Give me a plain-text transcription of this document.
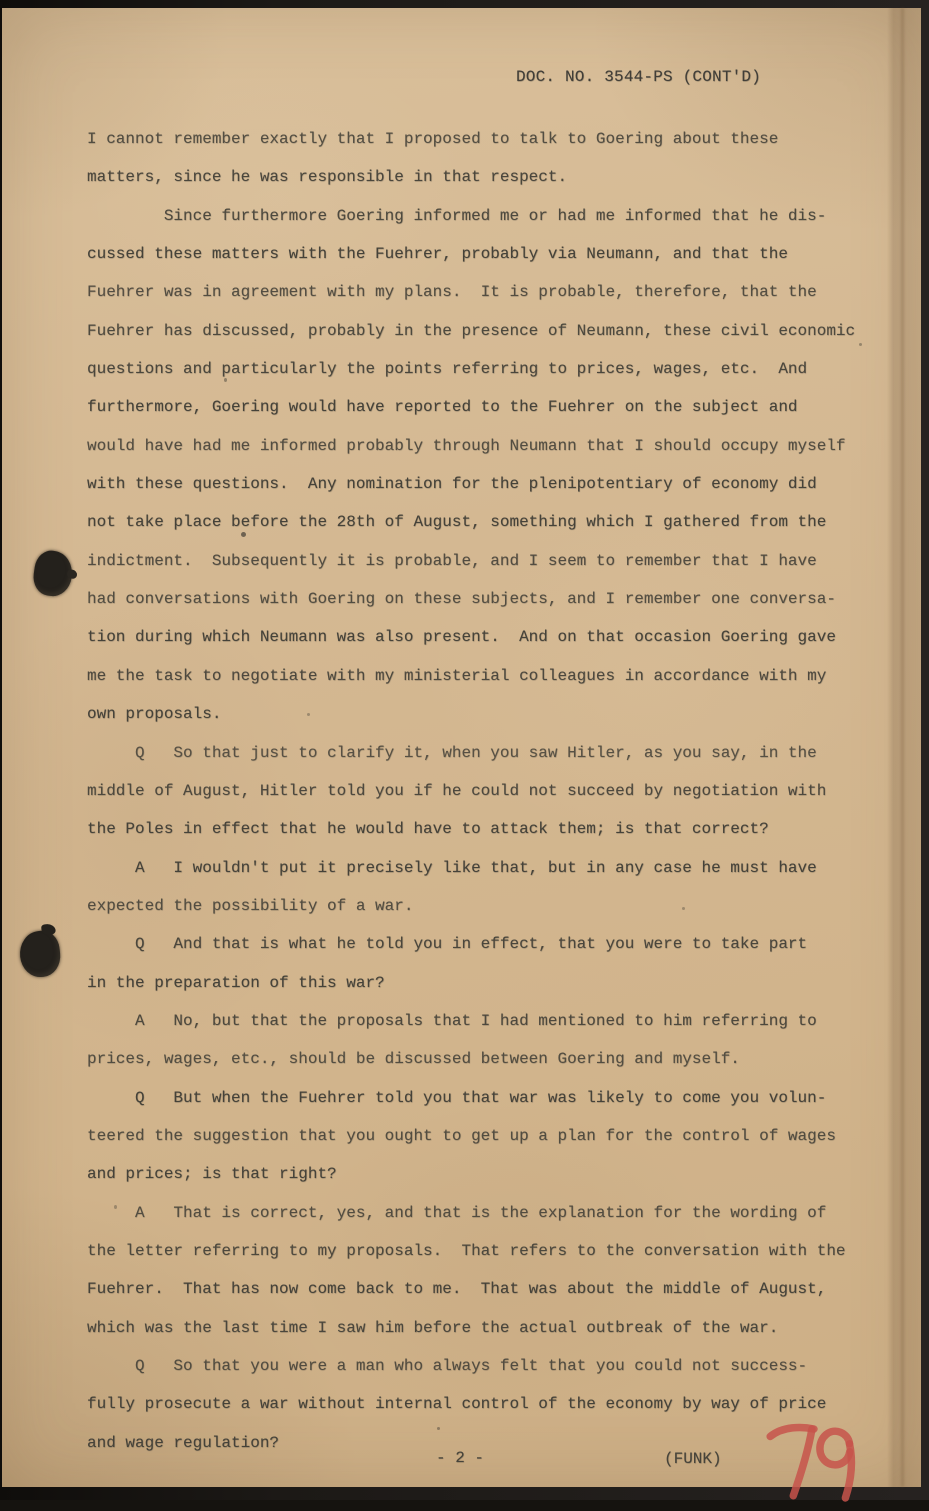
DOC. NO. 3544-PS (CONT'D)
I cannot remember exactly that I proposed to talk to Goering about these
matters, since he was responsible in that respect.
Since furthermore Goering informed me or had me informed that he dis-
cussed these matters with the Fuehrer, probably via Neumann, and that the
Fuehrer was in agreement with my plans.  It is probable, therefore, that the
Fuehrer has discussed, probably in the presence of Neumann, these civil economic
questions and particularly the points referring to prices, wages, etc.  And
furthermore, Goering would have reported to the Fuehrer on the subject and
would have had me informed probably through Neumann that I should occupy myself
with these questions.  Any nomination for the plenipotentiary of economy did
not take place before the 28th of August, something which I gathered from the
indictment.  Subsequently it is probable, and I seem to remember that I have
had conversations with Goering on these subjects, and I remember one conversa-
tion during which Neumann was also present.  And on that occasion Goering gave
me the task to negotiate with my ministerial colleagues in accordance with my
own proposals.
Q   So that just to clarify it, when you saw Hitler, as you say, in the
middle of August, Hitler told you if he could not succeed by negotiation with
the Poles in effect that he would have to attack them; is that correct?
A   I wouldn't put it precisely like that, but in any case he must have
expected the possibility of a war.
Q   And that is what he told you in effect, that you were to take part
in the preparation of this war?
A   No, but that the proposals that I had mentioned to him referring to
prices, wages, etc., should be discussed between Goering and myself.
Q   But when the Fuehrer told you that war was likely to come you volun-
teered the suggestion that you ought to get up a plan for the control of wages
and prices; is that right?
A   That is correct, yes, and that is the explanation for the wording of
the letter referring to my proposals.  That refers to the conversation with the
Fuehrer.  That has now come back to me.  That was about the middle of August,
which was the last time I saw him before the actual outbreak of the war.
Q   So that you were a man who always felt that you could not success-
fully prosecute a war without internal control of the economy by way of price
and wage regulation?
- 2 -	(FUNK)
